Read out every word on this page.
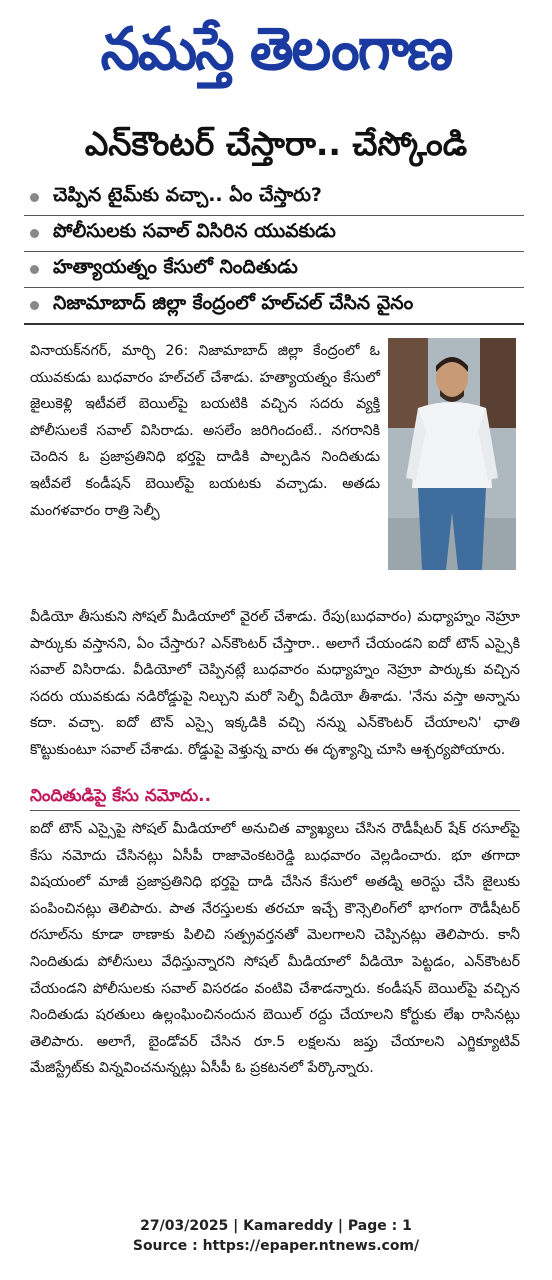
నమస్తే తెలంగాణ
ఎన్‌కౌంటర్ చేస్తారా.. చేస్కోండి
చెప్పిన టైమ్‌కు వచ్చా.. ఏం చేస్తారు?
పోలీసులకు సవాల్ విసిరిన యువకుడు
హత్యాయత్నం కేసులో నిందితుడు
నిజామాబాద్ జిల్లా కేంద్రంలో హల్‌చల్ చేసిన వైనం
వినాయక్‌నగర్, మార్చి 26: నిజామాబాద్ జిల్లా కేంద్రంలో ఓ యువకుడు బుధవారం హల్‌చల్ చేశాడు. హత్యాయత్నం కేసులో జైలుకెళ్లి ఇటీవలే బెయిల్‌పై బయటికి వచ్చిన సదరు వ్యక్తి పోలీసులకే సవాల్ విసిరాడు. అసలేం జరిగిందంటే.. నగరానికి చెందిన ఓ ప్రజాప్రతినిధి భర్తపై దాడికి పాల్పడిన నిందితుడు ఇటీవలే కండీషన్ బెయిల్‌పై బయటకు వచ్చాడు. అతడు మంగళవారం రాత్రి సెల్ఫీ
వీడియో తీసుకుని సోషల్ మీడియాలో వైరల్ చేశాడు. రేపు(బుధవారం) మధ్యాహ్నం నెహ్రూ పార్కుకు వస్తానని, ఏం చేస్తారు? ఎన్‌కౌంటర్ చేస్తారా.. అలాగే చేయండని ఐదో టౌన్ ఎస్సైకి సవాల్ విసిరాడు. వీడియోలో చెప్పినట్లే బుధవారం మధ్యాహ్నం నెహ్రూ పార్కుకు వచ్చిన సదరు యువకుడు నడిరోడ్డుపై నిల్చుని మరో సెల్ఫీ వీడియో తీశాడు. 'నేను వస్తా అన్నాను కదా. వచ్చా. ఐదో టౌన్ ఎస్సై ఇక్కడికి వచ్చి నన్ను ఎన్‌కౌంటర్ చేయాలని' ఛాతి కొట్టుకుంటూ సవాల్ చేశాడు. రోడ్డుపై వెళ్తున్న వారు ఈ దృశ్యాన్ని చూసి ఆశ్చర్యపోయారు.
నిందితుడిపై కేసు నమోదు..
ఐదో టౌన్ ఎస్సైపై సోషల్ మీడియాలో అనుచిత వ్యాఖ్యలు చేసిన రౌడీషీటర్ షేక్ రసూల్‌పై కేసు నమోదు చేసినట్లు ఏసీపీ రాజావెంకటరెడ్డి బుధవారం వెల్లడించారు. భూ తగాదా విషయంలో మాజీ ప్రజాప్రతినిధి భర్తపై దాడి చేసిన కేసులో అతడ్ని అరెస్టు చేసి జైలుకు పంపించినట్లు తెలిపారు. పాత నేరస్తులకు తరచూ ఇచ్చే కౌన్సెలింగ్‌లో భాగంగా రౌడీషీటర్ రసూల్‌ను కూడా ఠాణాకు పిలిచి సత్ప్రవర్తనతో మెలగాలని చెప్పినట్లు తెలిపారు. కానీ నిందితుడు పోలీసులు వేధిస్తున్నారని సోషల్ మీడియాలో వీడియో పెట్టడం, ఎన్‌కౌంటర్ చేయండని పోలీసులకు సవాల్ విసరడం వంటివి చేశాడన్నారు. కండీషన్ బెయిల్‌పై వచ్చిన నిందితుడు షరతులు ఉల్లంఘించినందున బెయిల్ రద్దు చేయాలని కోర్టుకు లేఖ రాసినట్లు తెలిపారు. అలాగే, బైండోవర్ చేసిన రూ.5 లక్షలను జప్తు చేయాలని ఎగ్జిక్యూటివ్ మేజిస్ట్రేట్‌కు విన్నవించనున్నట్లు ఏసీపీ ఓ ప్రకటనలో పేర్కొన్నారు.
27/03/2025 | Kamareddy | Page : 1
Source : https://epaper.ntnews.com/
